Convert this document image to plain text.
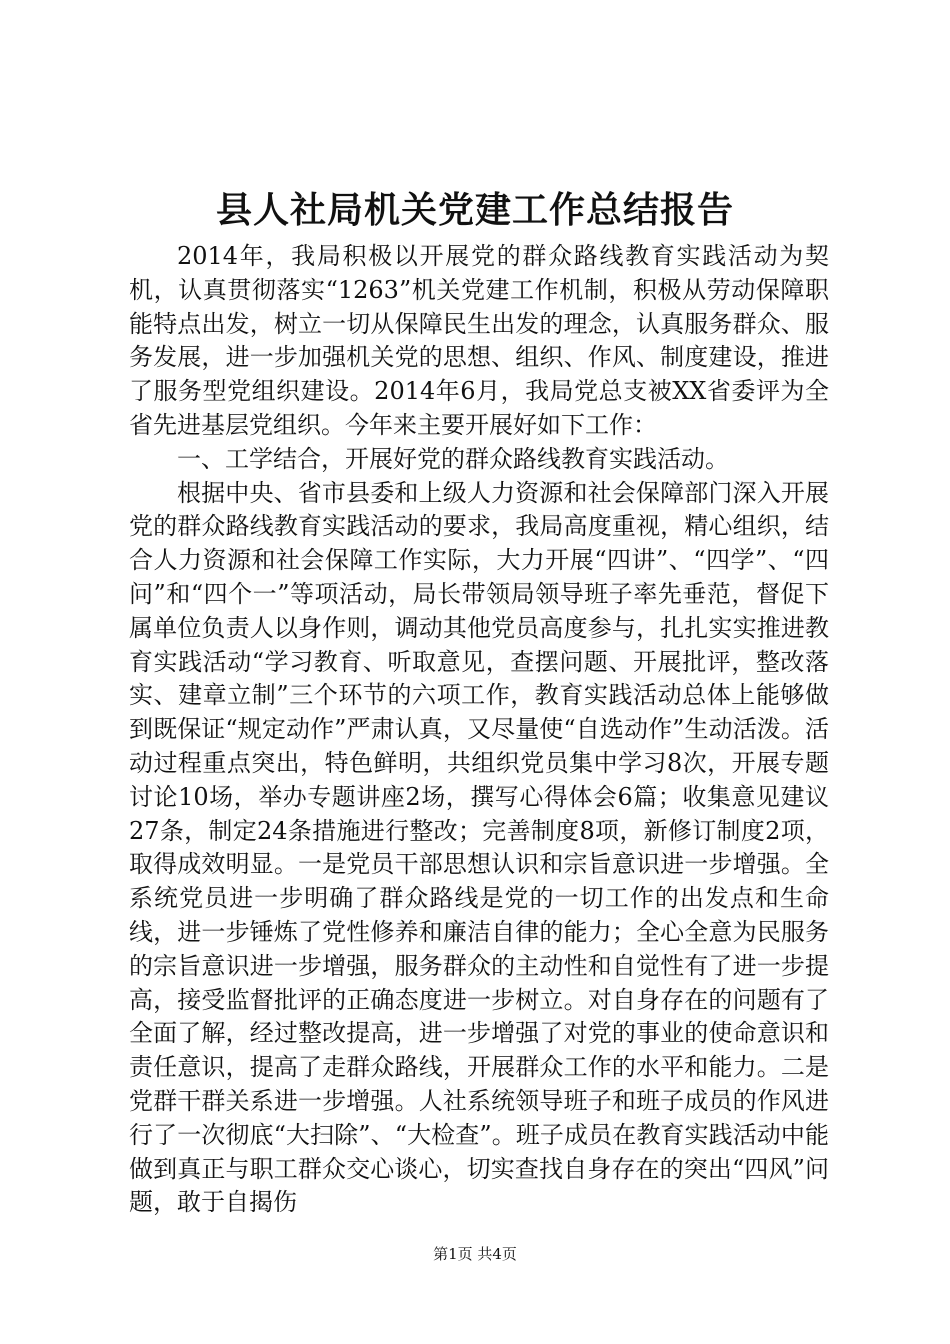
县人社局机关党建工作总结报告

2014年，我局积极以开展党的群众路线教育实践活动为契机，认真贯彻落实“1263”机关党建工作机制，积极从劳动保障职能特点出发，树立一切从保障民生出发的理念，认真服务群众、服务发展，进一步加强机关党的思想、组织、作风、制度建设，推进了服务型党组织建设。2014年6月，我局党总支被XX省委评为全省先进基层党组织。今年来主要开展好如下工作：

一、工学结合，开展好党的群众路线教育实践活动。

根据中央、省市县委和上级人力资源和社会保障部门深入开展党的群众路线教育实践活动的要求，我局高度重视，精心组织，结合人力资源和社会保障工作实际，大力开展“四讲”、“四学”、“四问”和“四个一”等项活动，局长带领局领导班子率先垂范，督促下属单位负责人以身作则，调动其他党员高度参与，扎扎实实推进教育实践活动“学习教育、听取意见，查摆问题、开展批评，整改落实、建章立制”三个环节的六项工作，教育实践活动总体上能够做到既保证“规定动作”严肃认真，又尽量使“自选动作”生动活泼。活动过程重点突出，特色鲜明，共组织党员集中学习8次，开展专题讨论10场，举办专题讲座2场，撰写心得体会6篇；收集意见建议27条，制定24条措施进行整改；完善制度8项，新修订制度2项，取得成效明显。一是党员干部思想认识和宗旨意识进一步增强。全系统党员进一步明确了群众路线是党的一切工作的出发点和生命线，进一步锤炼了党性修养和廉洁自律的能力；全心全意为民服务的宗旨意识进一步增强，服务群众的主动性和自觉性有了进一步提高，接受监督批评的正确态度进一步树立。对自身存在的问题有了全面了解，经过整改提高，进一步增强了对党的事业的使命意识和责任意识，提高了走群众路线，开展群众工作的水平和能力。二是党群干群关系进一步增强。人社系统领导班子和班子成员的作风进行了一次彻底“大扫除”、“大检查”。班子成员在教育实践活动中能做到真正与职工群众交心谈心，切实查找自身存在的突出“四风”问题，敢于自揭伤

第1页 共4页
